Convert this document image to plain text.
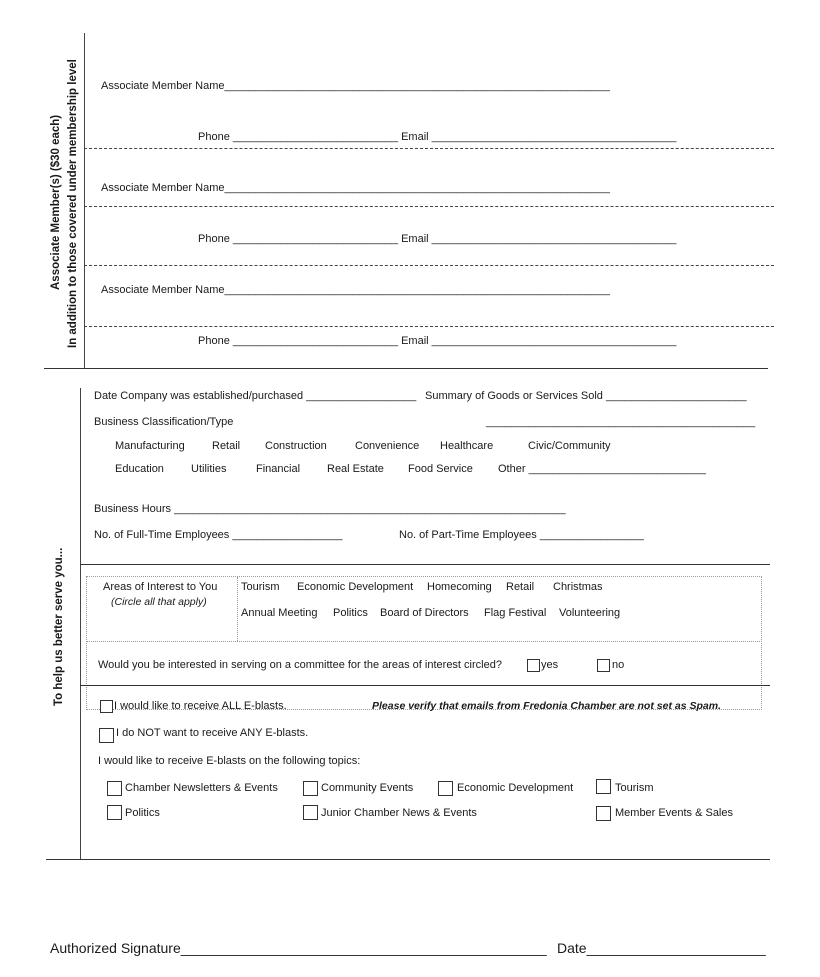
Associate Member(s) ($30 each) In addition to those covered under membership level Associate Member Name_______________________________________________________________
Phone ___________________________ Email ________________________________________
Associate Member Name_______________________________________________________________
Phone ___________________________ Email ________________________________________
Associate Member Name_______________________________________________________________
Phone ___________________________ Email ________________________________________
To help us better serve you...
Date Company was established/purchased __________________ Summary of Goods or Services Sold _______________________
Business Classification/Type	____________________________________________
Manufacturing Retail Construction	Convenience Healthcare	Civic/Community
Education Utilities	Financial Real Estate Food Service Other _____________________________
Business Hours ________________________________________________________________
No. of Full-Time Employees __________________	No. of Part-Time Employees _________________
Areas of Interest to You
(Circle all that apply)
Tourism Economic Development Homecoming Retail Christmas
Annual Meeting Politics Board of Directors Flag Festival Volunteering
Would you be interested in serving on a committee for the areas of interest circled?	yes	no
I would like to receive ALL E-blasts.	Please verify that emails from Fredonia Chamber are not set as Spam.
I do NOT want to receive ANY E-blasts.
I would like to receive E-blasts on the following topics:
Chamber Newsletters & Events	Community Events	Economic Development	Tourism
Politics	Junior Chamber News & Events	Member Events & Sales
Authorized Signature_______________________________________________ Date_______________________
